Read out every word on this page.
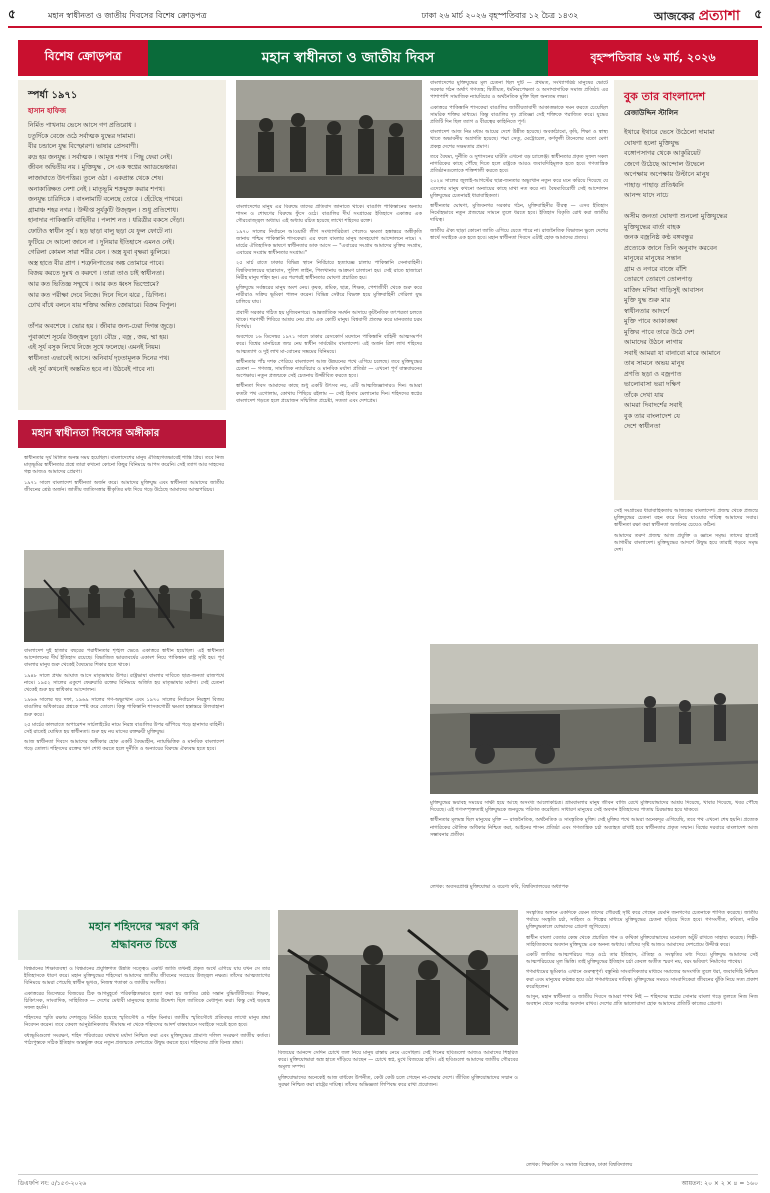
৫	মহান স্বাধীনতা ও জাতীয় দিবসের বিশেষ ক্রোড়পত্র	ঢাকা ২৬ মার্চ ২০২৬ বৃহস্পতিবার ১২ চৈত্র ১৪৩২	আজকের প্রত্যাশা	৫
বিশেষ ক্রোড়পত্র	মহান স্বাধীনতা ও জাতীয় দিবস	বৃহস্পতিবার ২৬ মার্চ, ২০২৬
স্পর্ধা ১৯৭১
হাসান হাফিজ
নির্মিত পাখনায় ভেসে আসে গণ প্রতিরোধ ।
চতুর্দিকে বেজে ওঠে সর্বাত্মক যুদ্ধের দামামা।
বীর চন্ডালে যুদ্ধ বিস্ফোরণ। ভাষার প্রেসবাণী।
রুদ্র হয় জনযুদ্ধ । সর্বাত্মক । আমূত্ত শপথ । পিছু ফেরা নেই।
জীবন অদ্বিতীয় নয় । মুক্তিযুদ্ধ , সে এক স্বপ্নের অ্যাডভেঞ্চার।
লাজাঘাতে উৎপত্তির। তুলে ওঠা । একপ্রান্ত থেকে শেষ।
অনাকাঙ্ক্ষিত নেশা নেই । মাতৃভূমি শক্রমুক্ত করার শপথ।
জনযুদ্ধ চারিদিকে । বাংলামাটি বলেছে তোরে । হেঁটেছে পাখরে।
গ্রামাঞ্চ শহর নগর । উদ্দীপ্ত সুর্যকুটি উজ্জ্বল । শুধু প্রতিশোধ।
হানাদার পাকিস্তানি বাহিনীর । পলাশ নত । ধরিত্রীর বকসে দেঁড়া।
ফোটাও স্বাধীন সূর্য । ছড় ছাড়া বালু ছড়া যে ফুল ফোটে না।
ফুটিয়ে দে আলো জানে না । দুনিয়ার ইতিহাসে এমনও নেই।
গেরিলা কোমল সারা শরীর যেন । অস্ত্র যুবা বৃক্ষরা ঝুলিয়ে।
অস্ত্র হাতে বীর প্রাণ । শত্রুনিপাতের অঙ্ক তোমারে পাবে।
বিজয় করতে দুঃখ ও করুণে । তারা তাও চাই স্বাধীনতা।
আর কত ভিতিজ্ঞ সম্মুখে । আর কত ধ্বংস ভিস্প্রেমে?
আর কত পরীক্ষা দেবে নিজে। দিনে দিনে ঝরে , ডিগিন্য।
ঢোখ বাঁধে বলনে যায় শক্তির অন্নিত জোয়ারে। বিক্রম বিপুল।

তাঁপর অবশেষে । ভোর হয় । জীবার জন্য-ঢেরা দিগন্ত জুড়ে।
পুবাকাশে সূর্যের উজ্জ্বল চূড়া। বৌদ্র , বজ্র , জয়, ম্মা হয়।
এই সূর্য বসুক লিখে নিজে সুখে ফলেছে। এমনই নিয়ম।
স্বাধীনতা এভাবেই আসে। অনিবার্য দৃঢ়তামূলক দিনের পথ।
এই সূর্য কখনোই অস্তমিত হবে না। উঠবেই পাবে না।
মহান স্বাধীনতা দিবসের অঙ্গীকার

স্বাধীনতার সূর্য মিলিত অনন্ত সময় হয়েছিল। বাংলাদেশের মানুষ ঐতিহ্যগতভাবেই শান্তি প্রিয়। তবে নিজ মাতৃভূমির স্বাধীনতার প্রশ্নে তারা কখনো কোনো কিছুর বিনিময়ে আপস করেনি। সেই ত্যাগ আর সাহসের গল্প আজও আমাদের প্রেরণা।

১৯৭১ সালে বাংলাদেশ স্বাধীনতা অর্জন করে। আমাদের মুক্তিযুদ্ধ এবং স্বাধীনতা আমাদের জাতীয় জীবনের শ্রেষ্ঠ অর্জন। জাতীয় জাতিসত্তার স্বীকৃতির মধ্য দিয়ে গড়ে উঠেছে আমাদের আত্মপরিচয়।

বাংলাদেশ দুই হাজার বছরের পরাধীনতার শৃঙ্খল ভেঙে একাত্তরে স্বাধীন হয়েছিল। এই স্বাধীনতা আন্দোলনের দীর্ঘ ইতিহাস রয়েছে। বিভাজিত ভারতবর্ষের একাংশ নিয়ে পাকিস্তান রাষ্ট্র সৃষ্টি হয়। পূর্ব বাংলার মানুষ শুরু থেকেই বৈষম্যের শিকার হতে থাকে।

১৯৪৮ সালে প্রথম আঘাত আসে মাতৃভাষার উপর। রাষ্ট্রভাষা বাংলার দাবিতে ছাত্র-জনতা রাজপথে নামে। ১৯৫২ সালের একুশে ফেব্রুয়ারি রক্তের বিনিময়ে অর্জিত হয় মাতৃভাষার মর্যাদা। সেই চেতনা থেকেই শুরু হয় স্বাধিকার আন্দোলন।

১৯৬৬ সালের ছয় দফা, ১৯৬৯ সালের গণ-অভ্যুত্থান এবং ১৯৭০ সালের নির্বাচনে নিরঙ্কুশ বিজয় বাঙালির অধিকারের প্রশ্নকে স্পষ্ট করে তোলে। কিন্তু পাকিস্তানি শাসকগোষ্ঠী ক্ষমতা হস্তান্তরে টালবাহানা শুরু করে।

২৫ মার্চের কালরাতে অপারেশন সার্চলাইটের নামে নিরস্ত্র বাঙালির উপর ঝাঁপিয়ে পড়ে হানাদার বাহিনী। সেই রাতেই ঘোষিত হয় স্বাধীনতা। শুরু হয় নয় মাসের রক্তক্ষয়ী মুক্তিযুদ্ধ।

আজ স্বাধীনতা দিবসে আমাদের অঙ্গীকার হোক একটি বৈষম্যহীন, ন্যায়ভিত্তিক ও মানবিক বাংলাদেশ গড়ে তোলা। শহিদদের রক্তের ঋণ শোধ করতে হলে দুর্নীতি ও অন্যায়ের বিরুদ্ধে ঐক্যবদ্ধ হতে হবে।

বাংলাদেশের মানুষ এর বিরুদ্ধে তাদের প্রতিবাদ জানাতে থাকে। বাঙালি পাকিস্তানের অন্যায় শাসন ও শোষণের বিরুদ্ধে ফুঁসে ওঠে। বাঙালির দীর্ঘ সংগ্রামের ইতিহাসে একাত্তর এক গৌরবোজ্জ্বল অধ্যায়। এই অধ্যায় রচিত হয়েছে লাখো শহিদের রক্তে।

১৯৭০ সালের নির্বাচনে আওয়ামী লীগ সংখ্যাগরিষ্ঠতা পেলেও ক্ষমতা হস্তান্তরে অস্বীকৃতি জানায় পশ্চিম পাকিস্তানি শাসকেরা। এর ফলে বাংলার মানুষ অসহযোগ আন্দোলনে নামে। ৭ মার্চের ঐতিহাসিক ভাষণে স্বাধীনতার ডাক আসে — "এবারের সংগ্রাম আমাদের মুক্তির সংগ্রাম, এবারের সংগ্রাম স্বাধীনতার সংগ্রাম।"

২৫ মার্চ রাতে ঢাকার বিভিন্ন স্থানে নির্বিচারে হত্যাযজ্ঞ চালায় পাকিস্তানি সেনাবাহিনী। বিশ্ববিদ্যালয়ের ছাত্রাবাস, পুলিশ লাইন, পিলখানায় আক্রমণ চালানো হয়। সেই রাতে হাজারো নিরীহ মানুষ শহিদ হন। এর পরপরই স্বাধীনতার ঘোষণা প্রচারিত হয়।

মুক্তিযুদ্ধে সর্বস্তরের মানুষ অংশ নেয়। কৃষক, শ্রমিক, ছাত্র, শিক্ষক, পেশাজীবী থেকে শুরু করে নারীরাও সক্রিয় ভূমিকা পালন করেন। বিভিন্ন সেক্টরে বিভক্ত হয়ে মুক্তিবাহিনী গেরিলা যুদ্ধ চালিয়ে যায়।

প্রবাসী সরকার গঠিত হয় মুজিবনগরে। আন্তর্জাতিক সমর্থন আদায়ে কূটনৈতিক তৎপরতা চলতে থাকে। শরণার্থী শিবিরে আশ্রয় নেয় প্রায় এক কোটি মানুষ। বিশ্ববাসী প্রত্যক্ষ করে মানবতার চরম বিপর্যয়।

অবশেষে ১৬ ডিসেম্বর ১৯৭১ সালে ঢাকার রেসকোর্স ময়দানে পাকিস্তানি বাহিনী আত্মসমর্পণ করে। বিশ্বের মানচিত্রে জন্ম নেয় স্বাধীন সার্বভৌম বাংলাদেশ। এই অর্জন ত্রিশ লাখ শহিদের আত্মত্যাগ ও দুই লাখ মা-বোনের সম্ভ্রমের বিনিময়ে।

স্বাধীনতার পাঁচ দশক পেরিয়ে বাংলাদেশ আজ উন্নয়নের পথে এগিয়ে চলেছে। তবে মুক্তিযুদ্ধের চেতনা — গণতন্ত্র, সামাজিক ন্যায়বিচার ও মানবিক মর্যাদা প্রতিষ্ঠা — এখনো পূর্ণ বাস্তবায়নের অপেক্ষায়। নতুন প্রজন্মকে সেই চেতনায় উজ্জীবিত করতে হবে।

স্বাধীনতা দিবস আমাদের কাছে শুধু একটি উৎসব নয়, এটি আত্মজিজ্ঞাসারও দিন। আমরা কতটা পথ এগোলাম, কোথায় পিছিয়ে রইলাম — সেই হিসাব মেলানোর দিন। শহিদদের স্বপ্নের বাংলাদেশ গড়তে হলে প্রয়োজন সম্মিলিত প্রচেষ্টা, সততা এবং দেশপ্রেম।

বাংলাদেশের মুক্তিযুদ্ধের মূল চেতনা ছিল দুটি — প্রথমত, সংখ্যাগরিষ্ঠ মানুষের ভোটে সরকার গঠন অর্থাৎ গণতন্ত্র; দ্বিতীয়ত, ধর্মনিরপেক্ষতা ও অসাম্প্রদায়িক সমাজ প্রতিষ্ঠা। এর পাশাপাশি সামাজিক ন্যায়বিচার ও অর্থনৈতিক মুক্তি ছিল অন্যতম লক্ষ্য।

একাত্তরে পাকিস্তানি শাসকেরা বাঙালির জাতীয়তাবাদী আকাঙ্ক্ষাকে দমন করতে চেয়েছিল সামরিক শক্তির মাধ্যমে। কিন্তু বাঙালির দৃঢ় প্রতিজ্ঞা সেই শক্তিকে পরাজিত করে। যুদ্ধের প্রতিটি দিন ছিল ত্যাগ ও বীরত্বের কাহিনিতে পূর্ণ।

বাংলাদেশ আজ নিম্ন মধ্যম আয়ের দেশে উন্নীত হয়েছে। অবকাঠামো, কৃষি, শিক্ষা ও স্বাস্থ্য খাতে অভাবনীয় অগ্রগতি হয়েছে। পদ্মা সেতু, মেট্রোরেল, কর্ণফুলী টানেলের মতো মেগা প্রকল্প দেশের সক্ষমতার প্রমাণ।

তবে বৈষম্য, দুর্নীতি ও সুশাসনের ঘাটতি এখনো বড় চ্যালেঞ্জ। স্বাধীনতার প্রকৃত সুফল সকল নাগরিকের কাছে পৌঁছে দিতে হলে রাষ্ট্রকে আরও জবাবদিহিমূলক হতে হবে। গণতান্ত্রিক প্রতিষ্ঠানগুলোকে শক্তিশালী করতে হবে।

২০২৪ সালের জুলাই-আগস্টের ছাত্র-জনতার অভ্যুত্থান নতুন করে মনে করিয়ে দিয়েছে যে এদেশের মানুষ কখনো অন্যায়ের কাছে মাথা নত করে না। বৈষম্যবিরোধী সেই আন্দোলন মুক্তিযুদ্ধের চেতনারই ধারাবাহিকতা।

স্বাধীনতার ঘোষণা, মুজিবনগর সরকার গঠন, মুক্তিবাহিনীর বীরত্ব — এসব ইতিহাস নির্মোহভাবে নতুন প্রজন্মের সামনে তুলে ধরতে হবে। ইতিহাস বিকৃতি রোধ করা জাতীয় দায়িত্ব।

জাতীয় ঐক্য ছাড়া কোনো জাতি এগিয়ে যেতে পারে না। রাজনৈতিক বিভাজন ভুলে দেশের স্বার্থে সবাইকে এক হতে হবে। মহান স্বাধীনতা দিবসে এটাই হোক আমাদের প্রত্যয়।

বুক তার বাংলাদেশ
রেজাউদ্দিন স্টালিন
ইথারে ইথারে ভেসে উঠেলো দামামা
ঘোষণা হলো মুক্তিযুদ্ধ
বঙ্গোপসাগর থেকে আকুরিয়েট
জেগে উঠেছে আন্দোল উদ্বেলে
অপেক্ষায় অপেক্ষায় উল্টানে মানুষ
পাহাড় পাহাড় প্রতিধ্বনি
আনন্দ যাদে নাচে

অসীম জনতা ঘোষণা শুনলো মুক্তিযুদ্ধের
মুক্তিযুদ্ধের বার্তা বাহক
জনক বজ্রনিষ্ঠ কণ্ঠ বঙ্গবন্ধুর
প্রত্যেকে জানে তিনি অনুবাদ করবেন
মানুষের মানুষের সন্তান
গ্রাম ও নগরে বাজে বাঁশি
তোরণে তোরণে তোলপাড়
মাজিদ মণিমা গাড়িসুই আবাসন
মুক্তি যুদ্ধ শুরু মার
স্বাধীনতার আদর্শে
মুক্তি পাবে আকাঙ্ক্ষা
মুক্তির পাবে তারে উঠে দেশ
আমাদের উঠনে লাগায়
সবাই আমরা যা বানাবো মারে আমানে
তাৰ সামনে অভয় মানুষ
প্রণতি ছড়া ও বজ্রপাত
ভালোবাসা ভরা দক্ষিণ
তাঁকে দেখা যায়
আমরা দিবাদর্শের সবাই
বুক তার বাংলাদেশ যে
দেশে স্বাধীনতা

সেই সংগ্রামের ধারাবাহিকতায় আজকের বাংলাদেশ। প্রজন্ম থেকে প্রজন্মে মুক্তিযুদ্ধের চেতনা বহন করে নিয়ে যাওয়ার দায়িত্ব আমাদের সবার। স্বাধীনতা রক্ষা করা স্বাধীনতা অর্জনের চেয়েও কঠিন।

আমাদের তরুণ প্রজন্ম আজ প্রযুক্তি ও জ্ঞানে সমৃদ্ধ। তাদের হাতেই আগামীর বাংলাদেশ। মুক্তিযুদ্ধের আদর্শে উদ্বুদ্ধ হয়ে তারাই গড়বে সমৃদ্ধ দেশ।

মুক্তিযুদ্ধের ভয়াবহ সময়ের সাক্ষী হয়ে আছে অসংখ্য আলোকচিত্র। গ্রামবাংলার মানুষ জীবন বাজি রেখে মুক্তিযোদ্ধাদের আশ্রয় দিয়েছে, খাবার দিয়েছে, খবর পৌঁছে দিয়েছে। এই গণসম্পৃক্ততাই মুক্তিযুদ্ধকে জনযুদ্ধে পরিণত করেছিল। সাধারণ মানুষের সেই অবদান ইতিহাসের পাতায় চিরভাস্বর হয়ে থাকবে।

স্বাধীনতার মূলমন্ত্র ছিল মানুষের মুক্তি — রাজনৈতিক, অর্থনৈতিক ও সাংস্কৃতিক মুক্তি। সেই মুক্তির পথে আমরা অনেকদূর এগিয়েছি, তবে পথ এখনো শেষ হয়নি। প্রত্যেক নাগরিকের মৌলিক অধিকার নিশ্চিত করা, আইনের শাসন প্রতিষ্ঠা এবং গণতান্ত্রিক চর্চা অব্যাহত রাখাই হবে স্বাধীনতার প্রকৃত সম্মান। বিশ্বের দরবারে বাংলাদেশ আজ সম্ভাবনার প্রতীক।

লেখক: অবসরপ্রাপ্ত মুক্তিযোদ্ধা ও বরেণ্য কবি, বিশ্ববিদ্যালয়ের অধ্যাপক
মহান শহিদদের স্মরণ করি
শ্রদ্ধাবনত চিত্তে

বিশ্বমানের শিক্ষাব্যবস্থা ও বিশ্বমানের প্রযুক্তিগত উন্নতি সত্ত্বেও একটি জাতি তখনই প্রকৃত অর্থে এগিয়ে যায় যখন সে তার ইতিহাসকে ধারণ করে। মহান মুক্তিযুদ্ধের শহিদেরা আমাদের জাতীয় জীবনের সবচেয়ে উজ্জ্বল নক্ষত্র। তাঁদের আত্মত্যাগের বিনিময়ে আমরা পেয়েছি স্বাধীন ভূখণ্ড, নিজস্ব পতাকা ও জাতীয় সংগীত।

একাত্তরের ডিসেম্বরে বিজয়ের ঠিক আগমুহূর্তে পরিকল্পিতভাবে হত্যা করা হয় জাতির শ্রেষ্ঠ সন্তান বুদ্ধিজীবীদের। শিক্ষক, চিকিৎসক, সাংবাদিক, সাহিত্যিক — দেশের মেধাবী মানুষদের হত্যার উদ্দেশ্য ছিল জাতিকে মেধাশূন্য করা। কিন্তু সেই ষড়যন্ত্র সফল হয়নি।

শহিদদের স্মৃতি রক্ষায় দেশজুড়ে নির্মিত হয়েছে স্মৃতিসৌধ ও শহিদ মিনার। জাতীয় স্মৃতিসৌধে প্রতিবছর লাখো মানুষ শ্রদ্ধা নিবেদন করেন। তবে কেবল আনুষ্ঠানিকতায় সীমাবদ্ধ না থেকে শহিদদের আদর্শ বাস্তবায়নে সবাইকে সচেষ্ট হতে হবে।

বধ্যভূমিগুলো সংরক্ষণ, শহিদ পরিবারের যথাযথ মর্যাদা নিশ্চিত করা এবং মুক্তিযুদ্ধের প্রামাণ্য দলিল সংরক্ষণ জাতীয় কর্তব্য। পাঠ্যপুস্তকে সঠিক ইতিহাস অন্তর্ভুক্ত করে নতুন প্রজন্মকে দেশপ্রেমে উদ্বুদ্ধ করতে হবে। শহিদদের প্রতি বিনম্র শ্রদ্ধা।

বিজয়ের আনন্দে সেদিন চোখে জল নিয়ে মানুষ রাস্তায় নেমে এসেছিল। সেই দিনের ছবিগুলো আজও আমাদের শিহরিত করে। মুক্তিযোদ্ধারা অস্ত্র হাতে দাঁড়িয়ে আছেন — চোখে স্বপ্ন, মুখে বিজয়ের হাসি। এই ছবিগুলো আমাদের জাতীয় গৌরবের অমূল্য সম্পদ।

মুক্তিযোদ্ধাদের অনেকেই আজ বার্ধক্যে উপনীত, কেউ কেউ চলে গেছেন না-ফেরার দেশে। জীবিত মুক্তিযোদ্ধাদের সম্মান ও সুরক্ষা নিশ্চিত করা রাষ্ট্রের দায়িত্ব। তাঁদের অভিজ্ঞতা লিপিবদ্ধ করে রাখা প্রয়োজন।

সংস্কৃতির অঙ্গনে একদিকে যেমন তাদের গৌরবই সৃষ্টি করে গেছেন যেমনি জনগণের চেতনাকে শাণিত করেছে। জাতীয় পর্যায়ে সংস্কৃতি চর্চা, সাহিত্য ও শিল্পের মাধ্যমে মুক্তিযুদ্ধের চেতনা ছড়িয়ে দিতে হবে। গণসংগীত, কবিতা, নাটক মুক্তিযুদ্ধকালে যোদ্ধাদের প্রেরণা জুগিয়েছে।

স্বাধীন বাংলা বেতার কেন্দ্র থেকে প্রচারিত গান ও কথিকা মুক্তিযোদ্ধাদের মনোবল অটুট রাখতে সাহায্য করেছে। শিল্পী-সাহিত্যিকদের অবদান মুক্তিযুদ্ধে এক অনন্য অধ্যায়। তাঁদের সৃষ্টি আজও আমাদের দেশপ্রেমে উদ্দীপ্ত করে।

একটি জাতির আত্মপরিচয় গড়ে ওঠে তার ইতিহাস, ঐতিহ্য ও সংস্কৃতির মধ্য দিয়ে। মুক্তিযুদ্ধ আমাদের সেই আত্মপরিচয়ের মূল ভিত্তি। তাই মুক্তিযুদ্ধের ইতিহাস চর্চা কেবল অতীত স্মরণ নয়, বরং ভবিষ্যৎ নির্মাণের পাথেয়।

গণমাধ্যমের ভূমিকাও এখানে গুরুত্বপূর্ণ। বস্তুনিষ্ঠ সাংবাদিকতার মাধ্যমে সমাজের অসংগতি তুলে ধরা, জবাবদিহি নিশ্চিত করা এবং মানুষের কণ্ঠস্বর হয়ে ওঠা গণমাধ্যমের দায়িত্ব। মুক্তিযুদ্ধের সময়ও সাংবাদিকেরা জীবনের ঝুঁকি নিয়ে সত্য প্রকাশ করেছিলেন।

আসুন, মহান স্বাধীনতা ও জাতীয় দিবসে আমরা শপথ নিই — শহিদদের স্বপ্নের সোনার বাংলা গড়ে তুলতে নিজ নিজ অবস্থান থেকে সর্বোচ্চ অবদান রাখব। দেশের প্রতি ভালোবাসা হোক আমাদের প্রতিটি কাজের প্রেরণা।

লেখক: শিক্ষাবিদ ও সমাজ বিশ্লেষক, ঢাকা বিশ্ববিদ্যালয়
ডিএফপি নং: ৫/১৫৩-২০২৬	আয়তন: ২০ × ২ × ৪ = ১৬০
